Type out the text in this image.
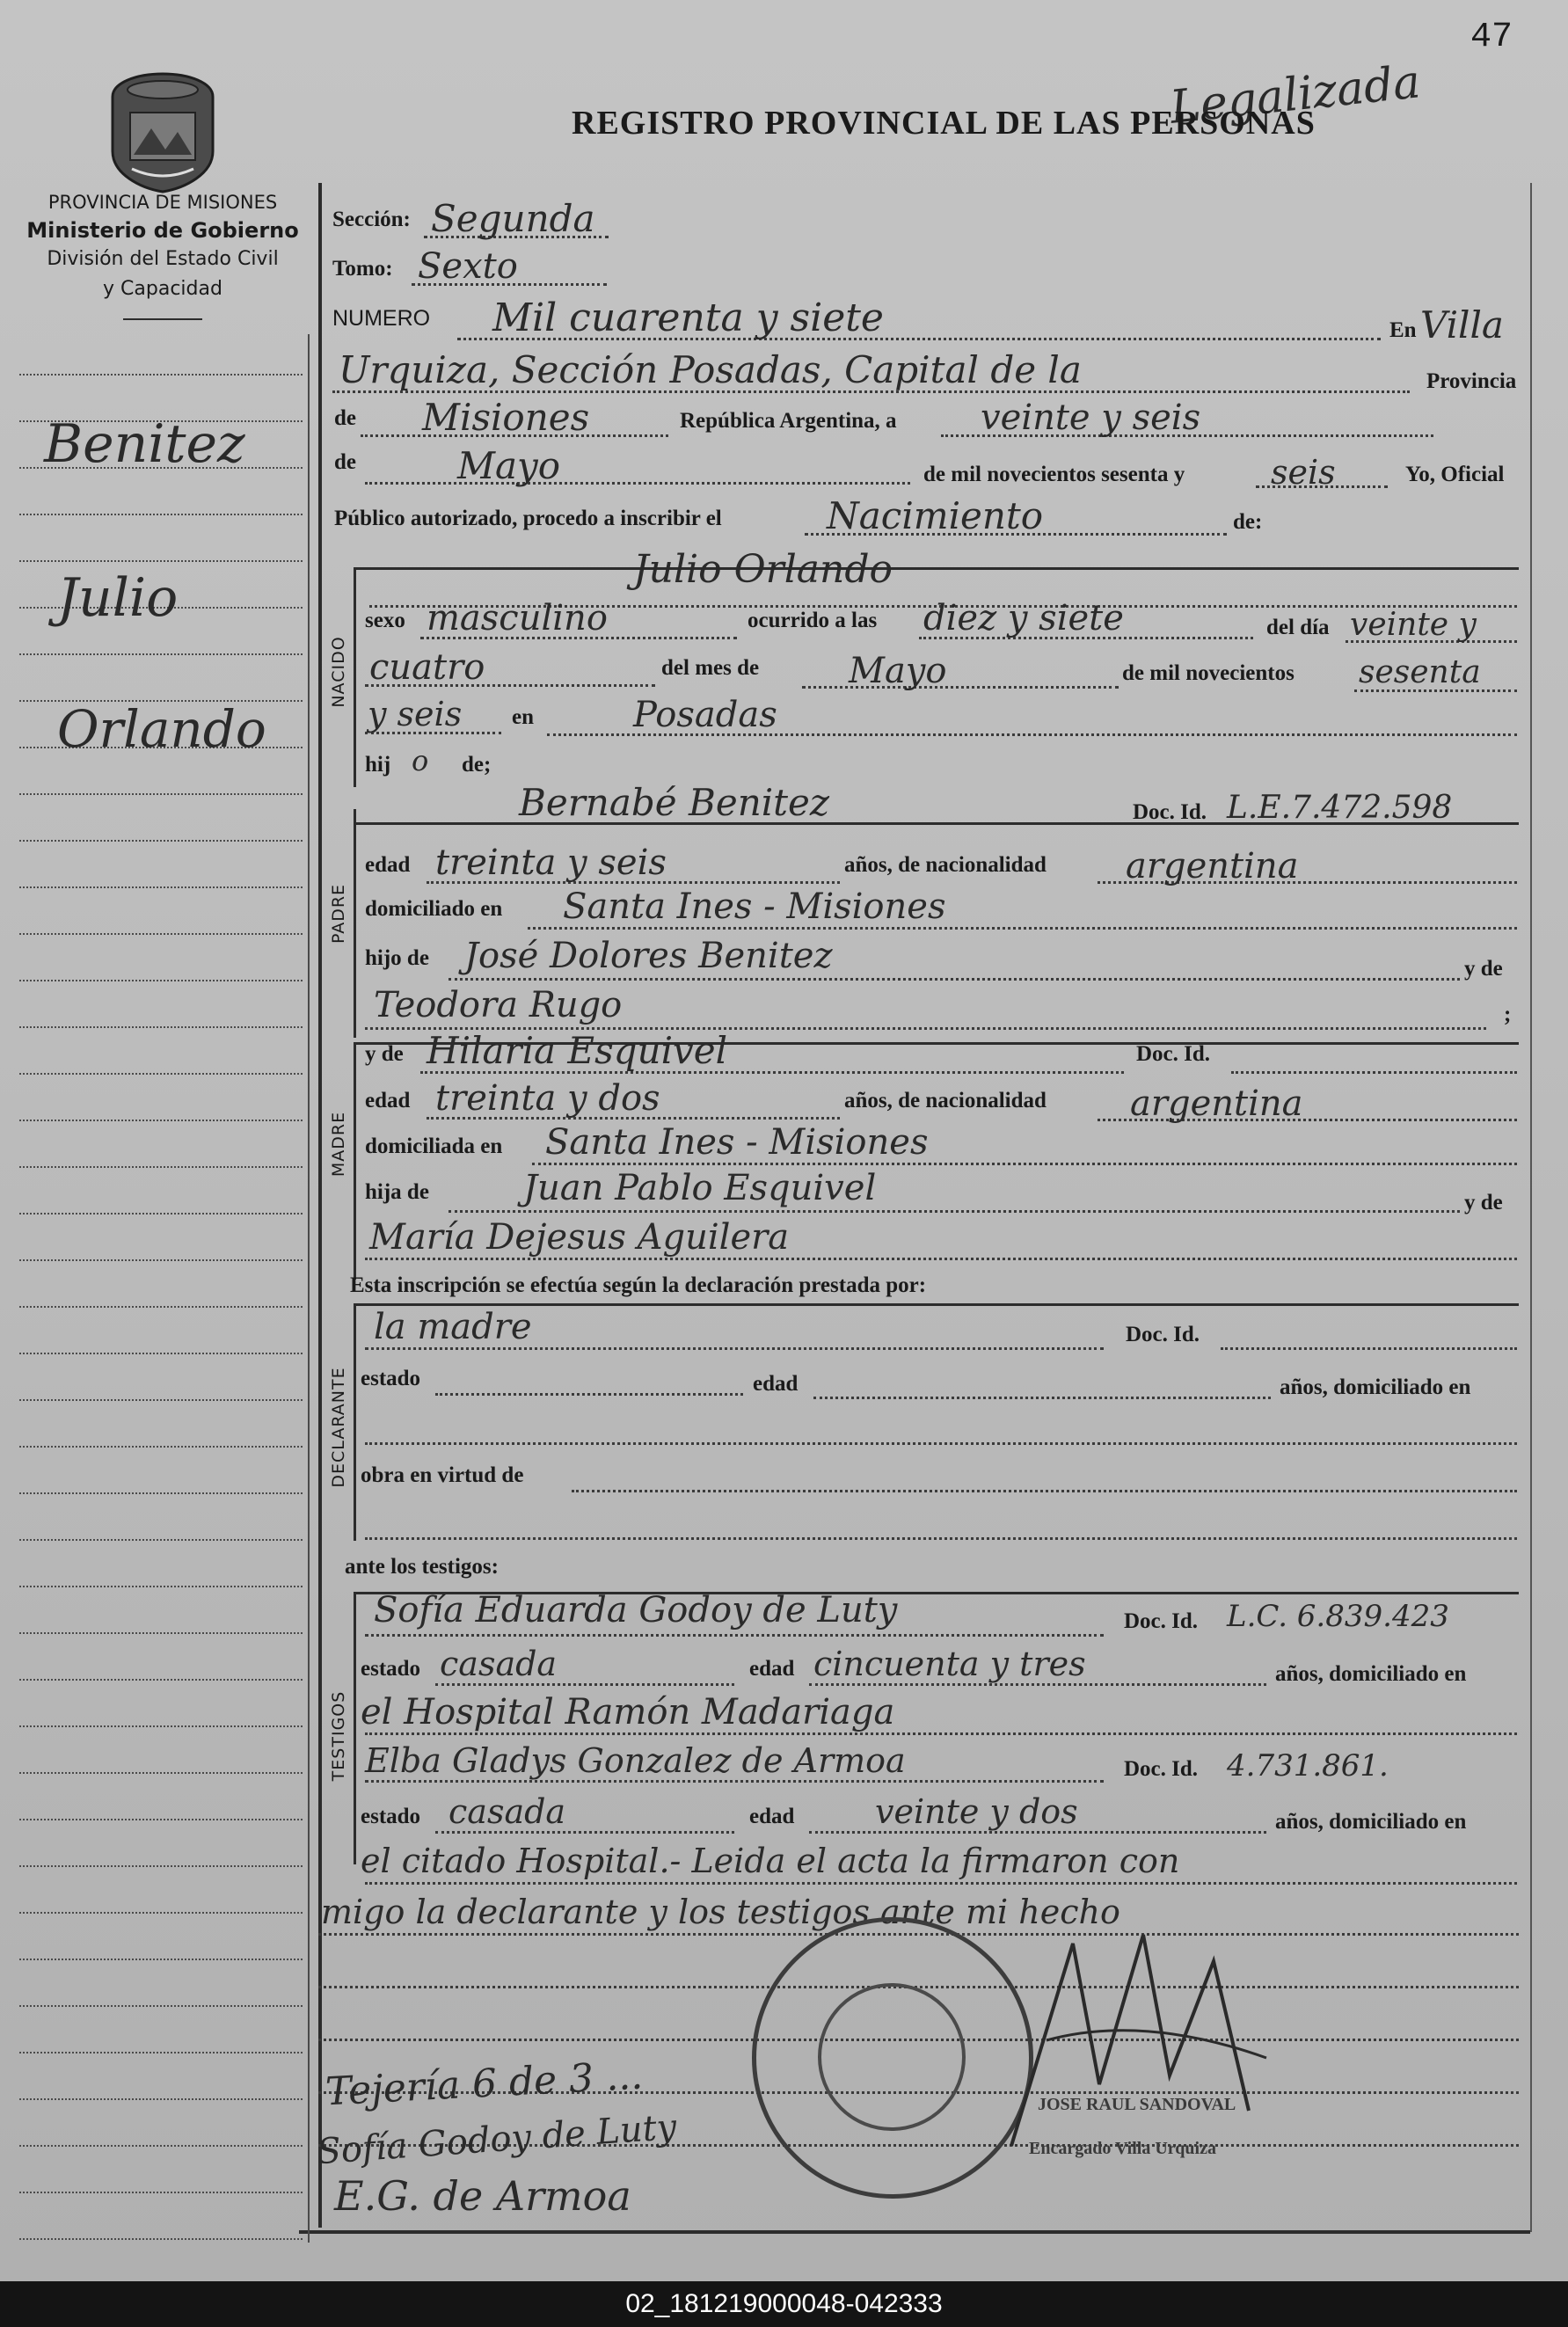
47
Legalizada
PROVINCIA DE MISIONES
Ministerio de Gobierno
División del Estado Civil
y Capacidad
REGISTRO PROVINCIAL DE LAS PERSONAS
Benitez
Julio
Orlando
Sección: Segunda
Tomo: Sexto
NUMERO Mil cuarenta y siete	En Villa
Urquiza, Sección Posadas, Capital de la	Provincia
de Misiones	República Argentina, a veinte y seis
de	Mayo	de mil novecientos sesenta y	seis	Yo, Oficial
Público autorizado, procedo a inscribir el	Nacimiento	de:
NACIDO
Julio Orlando
sexo masculino	ocurrido a las diez y siete	del día veinte y
cuatro	del mes de	Mayo	de mil novecientos sesenta
y seis en	Posadas
hij o de;
PADRE
Bernabé Benitez	Doc. Id. L.E.7.472.598
edad treinta y seis	años, de nacionalidad argentina
domiciliado en Santa Ines - Misiones
hijo de José Dolores Benitez	y de
Teodora Rugo	;
MADRE
y de Hilaria Esquivel	Doc. Id.
edad treinta y dos	años, de nacionalidad argentina
domiciliada en Santa Ines - Misiones
hija de	Juan Pablo Esquivel	y de
María Dejesus Aguilera
Esta inscripción se efectúa según la declaración prestada por:
DECLARANTE
la madre	Doc. Id.
estado	edad	años, domiciliado en
obra en virtud de
ante los testigos:
TESTIGOS
Sofía Eduarda Godoy de Luty	Doc. Id. L.C. 6.839.423
estado casada	edad cincuenta y tres	años, domiciliado en
el Hospital Ramón Madariaga
Elba Gladys Gonzalez de Armoa	Doc. Id. 4.731.861.
estado casada	edad veinte y dos	años, domiciliado en
el citado Hospital.- Leida el acta la firmaron con
migo la declarante y los testigos ante mi hecho
Tejería 6 de 3 ...
Sofía Godoy de Luty
E.G. de Armoa
JOSE RAUL SANDOVAL
Encargado Villa Urquiza
02_181219000048-042333
